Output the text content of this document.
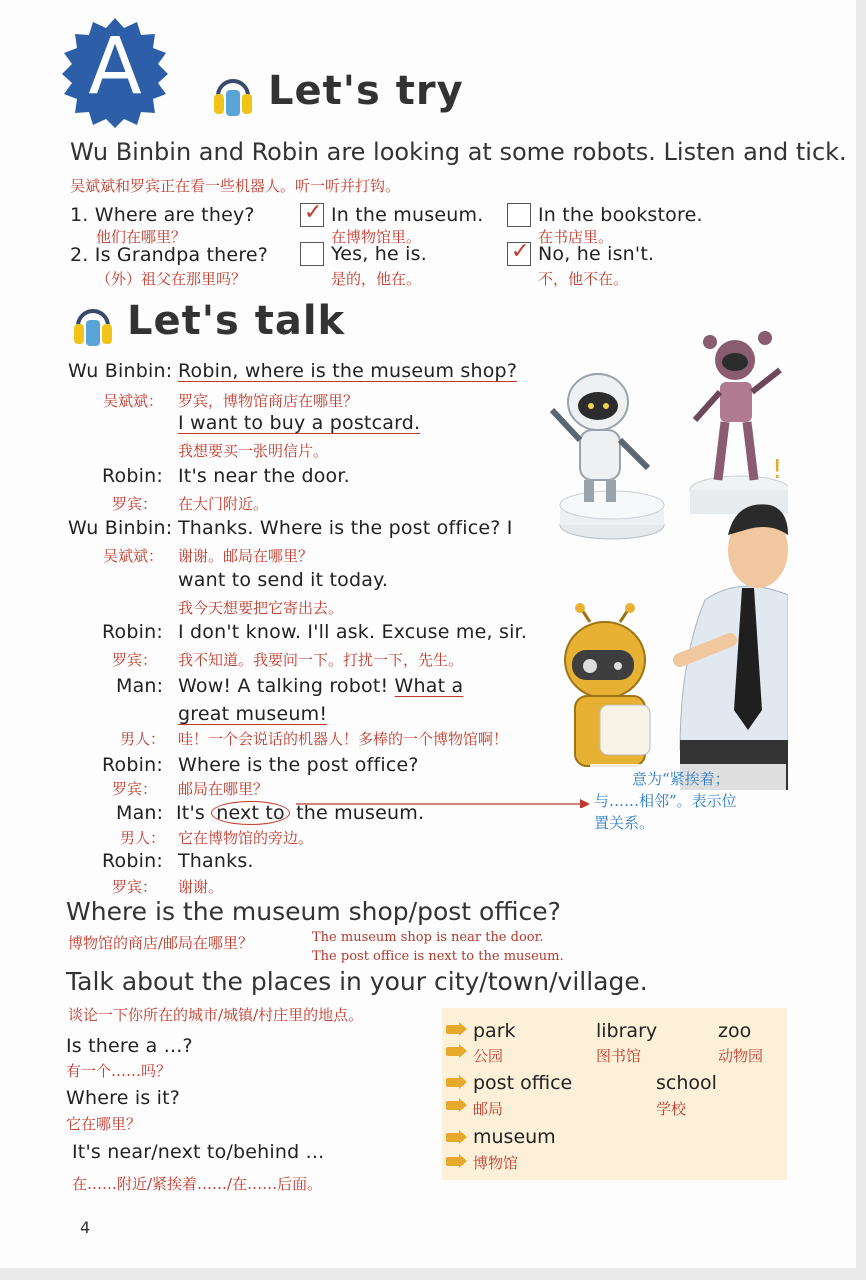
A	Let's try
Wu Binbin and Robin are looking at some robots. Listen and tick.
吴斌斌和罗宾正在看一些机器人。听一听并打钩。
1. Where are they?
他们在哪里？
✓ In the museum.
在博物馆里。
In the bookstore.
在书店里。
2. Is Grandpa there?
（外）祖父在那里吗？
Yes, he is.
是的，他在。
✓ No, he isn't.
不，他不在。
Let's talk
!
Wu Binbin: Robin, where is the museum shop?
吴斌斌： 罗宾，博物馆商店在哪里？
I want to buy a postcard.
我想要买一张明信片。
Robin: It's near the door.
罗宾： 在大门附近。
Wu Binbin: Thanks. Where is the post office? I
吴斌斌： 谢谢。邮局在哪里？
want to send it today.
我今天想要把它寄出去。
Robin: I don't know. I'll ask. Excuse me, sir.
罗宾： 我不知道。我要问一下。打扰一下，先生。
Man: Wow! A talking robot! What a
great museum!
男人： 哇！一个会说话的机器人！多棒的一个博物馆啊！
Robin: Where is the post office?
罗宾： 邮局在哪里？
Man: It's next to the museum.
男人： 它在博物馆的旁边。
Robin: Thanks.
罗宾： 谢谢。
意为“紧挨着；
与……相邻”。表示位
置关系。
Where is the museum shop/post office?
博物馆的商店/邮局在哪里？	The museum shop is near the door.
The post office is next to the museum.
Talk about the places in your city/town/village.
谈论一下你所在的城市/城镇/村庄里的地点。
Is there a ...?
有一个……吗？
Where is it?
它在哪里？
It's near/next to/behind ...
在……附近/紧挨着……/在……后面。
park
公园
library
图书馆
zoo
动物园
post office
邮局
school
学校
museum
博物馆
4
